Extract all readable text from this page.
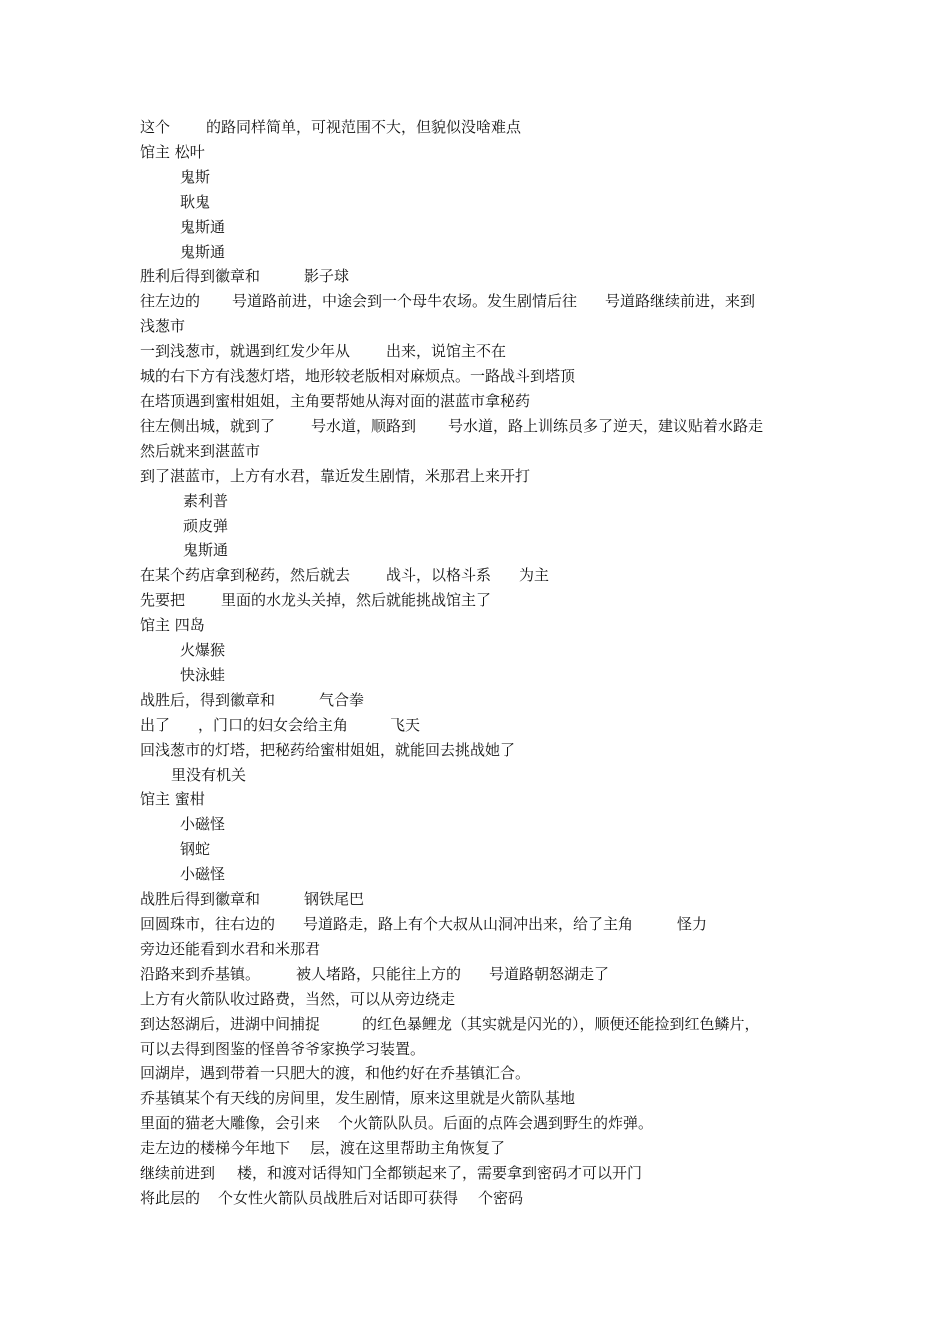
这个 的路同样简单，可视范围不大，但貌似没啥难点

馆主 松叶

鬼斯

耿鬼

鬼斯通

鬼斯通

胜利后得到徽章和	影子球

往左边的 号道路前进，中途会到一个母牛农场。发生剧情后往 号道路继续前进，来到

浅葱市

一到浅葱市，就遇到红发少年从 出来，说馆主不在

城的右下方有浅葱灯塔，地形较老版相对麻烦点。一路战斗到塔顶

在塔顶遇到蜜柑姐姐，主角要帮她从海对面的湛蓝市拿秘药

往左侧出城，就到了 号水道，顺路到 号水道，路上训练员多了逆天，建议贴着水路走

然后就来到湛蓝市

到了湛蓝市，上方有水君，靠近发生剧情，米那君上来开打

素利普

顽皮弹

鬼斯通

在某个药店拿到秘药，然后就去 战斗，以格斗系 为主

先要把 里面的水龙头关掉，然后就能挑战馆主了

馆主 四岛

火爆猴

快泳蛙

战胜后，得到徽章和	气合拳

出了 ，门口的妇女会给主角	飞天

回浅葱市的灯塔，把秘药给蜜柑姐姐，就能回去挑战她了

里没有机关

馆主 蜜柑

小磁怪

钢蛇

小磁怪

战胜后得到徽章和	钢铁尾巴

回圆珠市，往右边的 号道路走，路上有个大叔从山洞冲出来，给了主角	怪力

旁边还能看到水君和米那君

沿路来到乔基镇。 被人堵路，只能往上方的 号道路朝怒湖走了

上方有火箭队收过路费，当然，可以从旁边绕走

到达怒湖后，进湖中间捕捉	的红色暴鲤龙（其实就是闪光的），顺便还能捡到红色鳞片，

可以去得到图鉴的怪兽爷爷家换学习装置。

回湖岸，遇到带着一只肥大的渡，和他约好在乔基镇汇合。

乔基镇某个有天线的房间里，发生剧情，原来这里就是火箭队基地

里面的猫老大雕像，会引来 个火箭队队员。后面的点阵会遇到野生的炸弹。

走左边的楼梯今年地下 层，渡在这里帮助主角恢复了

继续前进到 楼，和渡对话得知门全都锁起来了，需要拿到密码才可以开门

将此层的 个女性火箭队员战胜后对话即可获得 个密码
